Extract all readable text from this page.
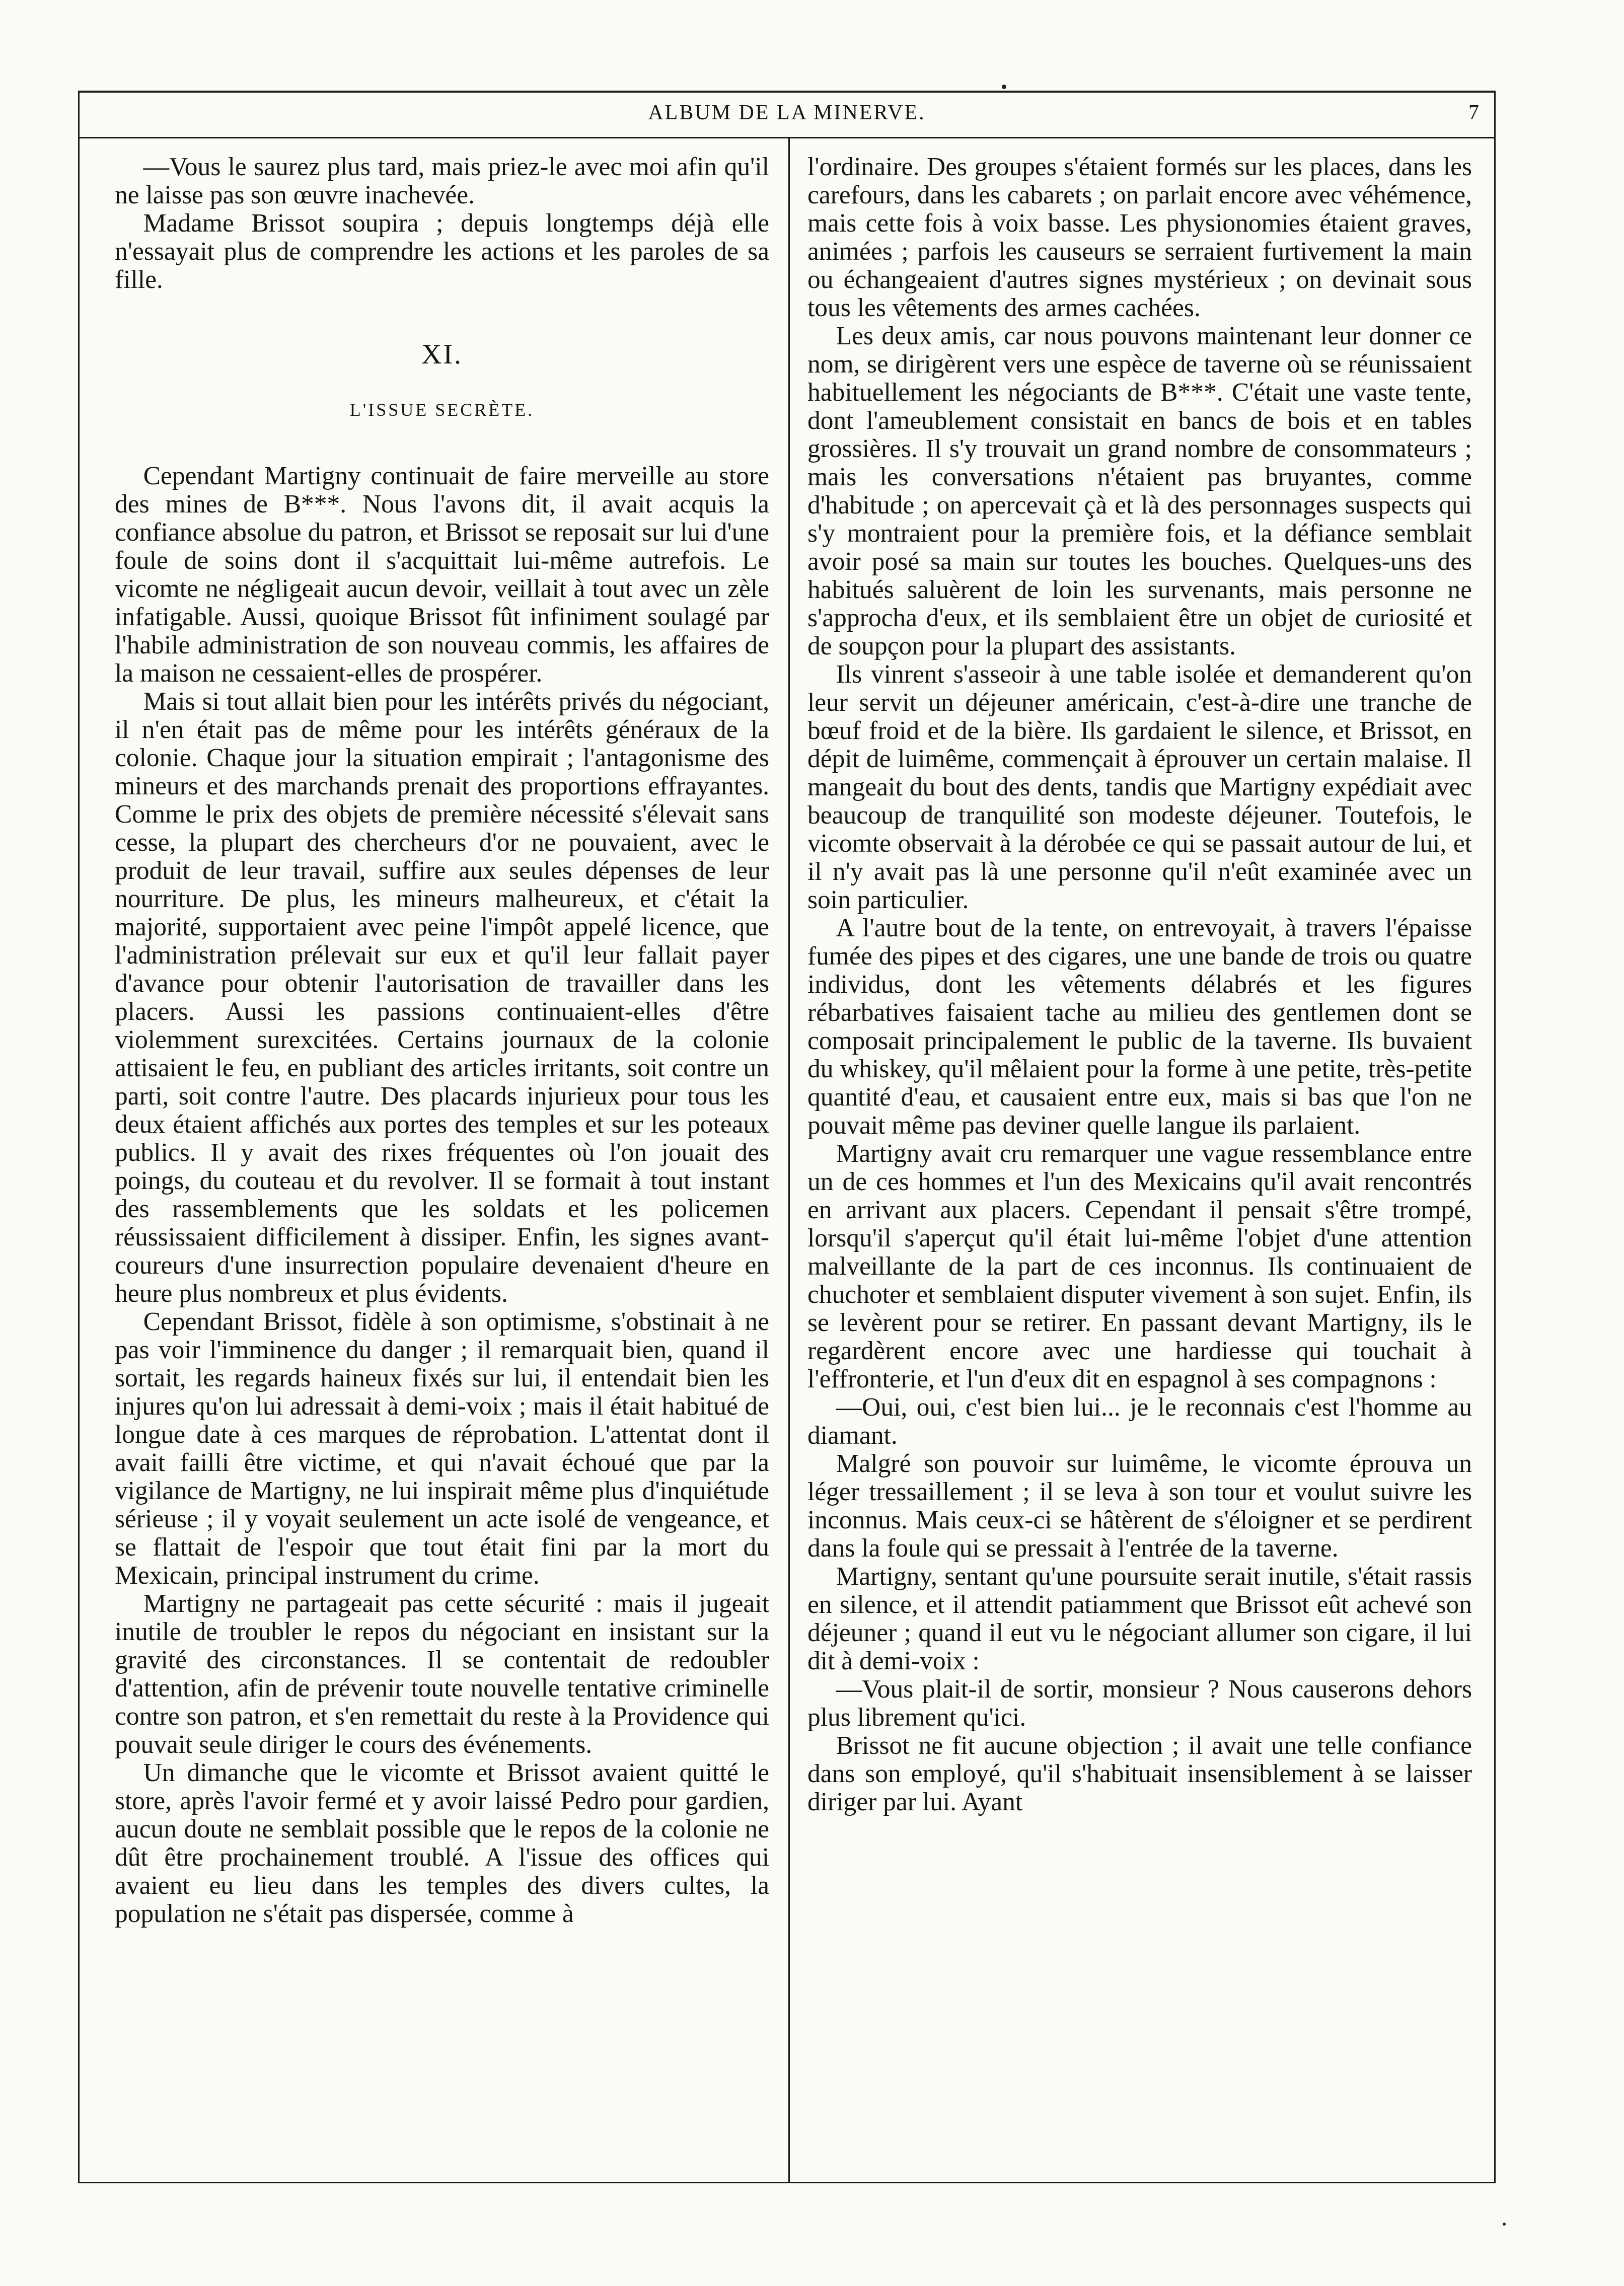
ALBUM DE LA MINERVE.	7

—Vous le saurez plus tard, mais priez-le avec moi afin qu'il ne laisse pas son œuvre inachevée.

Madame Brissot soupira ; depuis longtemps déjà elle n'essayait plus de comprendre les actions et les paroles de sa fille.

XI.
L'ISSUE SECRÈTE.

Cependant Martigny continuait de faire merveille au store des mines de B***. Nous l'avons dit, il avait acquis la confiance absolue du patron, et Brissot se reposait sur lui d'une foule de soins dont il s'acquittait lui-même autrefois. Le vicomte ne négligeait aucun devoir, veillait à tout avec un zèle infatigable. Aussi, quoique Brissot fût infiniment soulagé par l'habile administration de son nouveau commis, les affaires de la maison ne cessaient-elles de prospérer.

Mais si tout allait bien pour les intérêts privés du négociant, il n'en était pas de même pour les intérêts généraux de la colonie. Chaque jour la situation empirait ; l'antagonisme des mineurs et des marchands prenait des proportions effrayantes. Comme le prix des objets de première nécessité s'élevait sans cesse, la plupart des chercheurs d'or ne pouvaient, avec le produit de leur travail, suffire aux seules dépenses de leur nourriture. De plus, les mineurs malheureux, et c'était la majorité, supportaient avec peine l'impôt appelé licence, que l'administration prélevait sur eux et qu'il leur fallait payer d'avance pour obtenir l'autorisation de travailler dans les placers. Aussi les passions continuaient-elles d'être violemment surexcitées. Certains journaux de la colonie attisaient le feu, en publiant des articles irritants, soit contre un parti, soit contre l'autre. Des placards injurieux pour tous les deux étaient affichés aux portes des temples et sur les poteaux publics. Il y avait des rixes fréquentes où l'on jouait des poings, du couteau et du revolver. Il se formait à tout instant des rassemblements que les soldats et les policemen réussissaient difficilement à dissiper. Enfin, les signes avant-coureurs d'une insurrection populaire devenaient d'heure en heure plus nombreux et plus évidents.

Cependant Brissot, fidèle à son optimisme, s'obstinait à ne pas voir l'imminence du danger ; il remarquait bien, quand il sortait, les regards haineux fixés sur lui, il entendait bien les injures qu'on lui adressait à demi-voix ; mais il était habitué de longue date à ces marques de réprobation. L'attentat dont il avait failli être victime, et qui n'avait échoué que par la vigilance de Martigny, ne lui inspirait même plus d'inquiétude sérieuse ; il y voyait seulement un acte isolé de vengeance, et se flattait de l'espoir que tout était fini par la mort du Mexicain, principal instrument du crime.

Martigny ne partageait pas cette sécurité : mais il jugeait inutile de troubler le repos du négociant en insistant sur la gravité des circonstances. Il se contentait de redoubler d'attention, afin de prévenir toute nouvelle tentative criminelle contre son patron, et s'en remettait du reste à la Providence qui pouvait seule diriger le cours des événements.

Un dimanche que le vicomte et Brissot avaient quitté le store, après l'avoir fermé et y avoir laissé Pedro pour gardien, aucun doute ne semblait possible que le repos de la colonie ne dût être prochainement troublé. A l'issue des offices qui avaient eu lieu dans les temples des divers cultes, la population ne s'était pas dispersée, comme à

l'ordinaire. Des groupes s'étaient formés sur les places, dans les carefours, dans les cabarets ; on parlait encore avec véhémence, mais cette fois à voix basse. Les physionomies étaient graves, animées ; parfois les causeurs se serraient furtivement la main ou échangeaient d'autres signes mystérieux ; on devinait sous tous les vêtements des armes cachées.

Les deux amis, car nous pouvons maintenant leur donner ce nom, se dirigèrent vers une espèce de taverne où se réunissaient habituellement les négociants de B***. C'était une vaste tente, dont l'ameublement consistait en bancs de bois et en tables grossières. Il s'y trouvait un grand nombre de consommateurs ; mais les conversations n'étaient pas bruyantes, comme d'habitude ; on apercevait çà et là des personnages suspects qui s'y montraient pour la première fois, et la défiance semblait avoir posé sa main sur toutes les bouches. Quelques-uns des habitués saluèrent de loin les survenants, mais personne ne s'approcha d'eux, et ils semblaient être un objet de curiosité et de soupçon pour la plupart des assistants.

Ils vinrent s'asseoir à une table isolée et demanderent qu'on leur servit un déjeuner américain, c'est-à-dire une tranche de bœuf froid et de la bière. Ils gardaient le silence, et Brissot, en dépit de luimême, commençait à éprouver un certain malaise. Il mangeait du bout des dents, tandis que Martigny expédiait avec beaucoup de tranquilité son modeste déjeuner. Toutefois, le vicomte observait à la dérobée ce qui se passait autour de lui, et il n'y avait pas là une personne qu'il n'eût examinée avec un soin particulier.

A l'autre bout de la tente, on entrevoyait, à travers l'épaisse fumée des pipes et des cigares, une une bande de trois ou quatre individus, dont les vêtements délabrés et les figures rébarbatives faisaient tache au milieu des gentlemen dont se composait principalement le public de la taverne. Ils buvaient du whiskey, qu'il mêlaient pour la forme à une petite, très-petite quantité d'eau, et causaient entre eux, mais si bas que l'on ne pouvait même pas deviner quelle langue ils parlaient.

Martigny avait cru remarquer une vague ressemblance entre un de ces hommes et l'un des Mexicains qu'il avait rencontrés en arrivant aux placers. Cependant il pensait s'être trompé, lorsqu'il s'aperçut qu'il était lui-même l'objet d'une attention malveillante de la part de ces inconnus. Ils continuaient de chuchoter et semblaient disputer vivement à son sujet. Enfin, ils se levèrent pour se retirer. En passant devant Martigny, ils le regardèrent encore avec une hardiesse qui touchait à l'effronterie, et l'un d'eux dit en espagnol à ses compagnons :

—Oui, oui, c'est bien lui... je le reconnais c'est l'homme au diamant.

Malgré son pouvoir sur luimême, le vicomte éprouva un léger tressaillement ; il se leva à son tour et voulut suivre les inconnus. Mais ceux-ci se hâtèrent de s'éloigner et se perdirent dans la foule qui se pressait à l'entrée de la taverne.

Martigny, sentant qu'une poursuite serait inutile, s'était rassis en silence, et il attendit patiamment que Brissot eût achevé son déjeuner ; quand il eut vu le négociant allumer son cigare, il lui dit à demi-voix :

—Vous plait-il de sortir, monsieur ? Nous causerons dehors plus librement qu'ici.

Brissot ne fit aucune objection ; il avait une telle confiance dans son employé, qu'il s'habituait insensiblement à se laisser diriger par lui. Ayant
